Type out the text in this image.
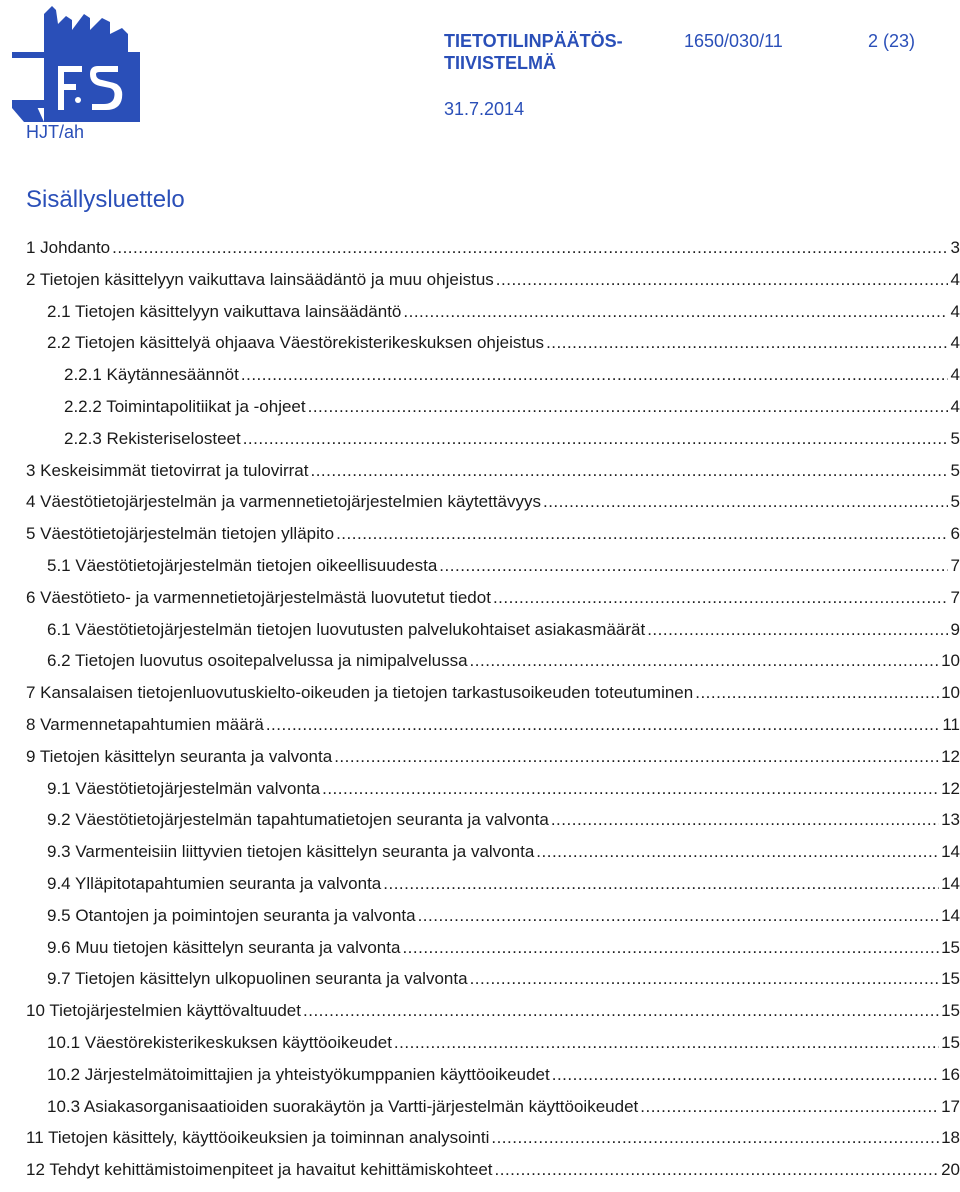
TIETOTILINPÄÄTÖS-
TIIVISTELMÄ
1650/030/11	2 (23)
31.7.2014
HJT/ah
Sisällysluettelo
1 Johdanto .....	3
2 Tietojen käsittelyyn vaikuttava lainsäädäntö ja muu ohjeistus .....	4
2.1 Tietojen käsittelyyn vaikuttava lainsäädäntö .....	4
2.2 Tietojen käsittelyä ohjaava Väestörekisterikeskuksen ohjeistus .....	4
2.2.1 Käytännesäännöt .....	4
2.2.2 Toimintapolitiikat ja -ohjeet .....	4
2.2.3 Rekisteriselosteet .....	5
3 Keskeisimmät tietovirrat ja tulovirrat .....	5
4 Väestötietojärjestelmän ja varmennetietojärjestelmien käytettävyys .....	5
5 Väestötietojärjestelmän tietojen ylläpito .....	6
5.1 Väestötietojärjestelmän tietojen oikeellisuudesta .....	7
6 Väestötieto- ja varmennetietojärjestelmästä luovutetut tiedot .....	7
6.1 Väestötietojärjestelmän tietojen luovutusten palvelukohtaiset asiakasmäärät .....	9
6.2 Tietojen luovutus osoitepalvelussa ja nimipalvelussa .....	10
7 Kansalaisen tietojenluovutuskielto-oikeuden ja tietojen tarkastusoikeuden toteutuminen .....	10
8 Varmennetapahtumien määrä .....	11
9 Tietojen käsittelyn seuranta ja valvonta .....	12
9.1 Väestötietojärjestelmän valvonta .....	12
9.2 Väestötietojärjestelmän tapahtumatietojen seuranta ja valvonta .....	13
9.3 Varmenteisiin liittyvien tietojen käsittelyn seuranta ja valvonta .....	14
9.4 Ylläpitotapahtumien seuranta ja valvonta .....	14
9.5 Otantojen ja poimintojen seuranta ja valvonta .....	14
9.6 Muu tietojen käsittelyn seuranta ja valvonta .....	15
9.7 Tietojen käsittelyn ulkopuolinen seuranta ja valvonta .....	15
10 Tietojärjestelmien käyttövaltuudet .....	15
10.1 Väestörekisterikeskuksen käyttöoikeudet .....	15
10.2 Järjestelmätoimittajien ja yhteistyökumppanien käyttöoikeudet .....	16
10.3 Asiakasorganisaatioiden suorakäytön ja Vartti-järjestelmän käyttöoikeudet .....	17
11 Tietojen käsittely, käyttöoikeuksien ja toiminnan analysointi .....	18
12 Tehdyt kehittämistoimenpiteet ja havaitut kehittämiskohteet .....	20
